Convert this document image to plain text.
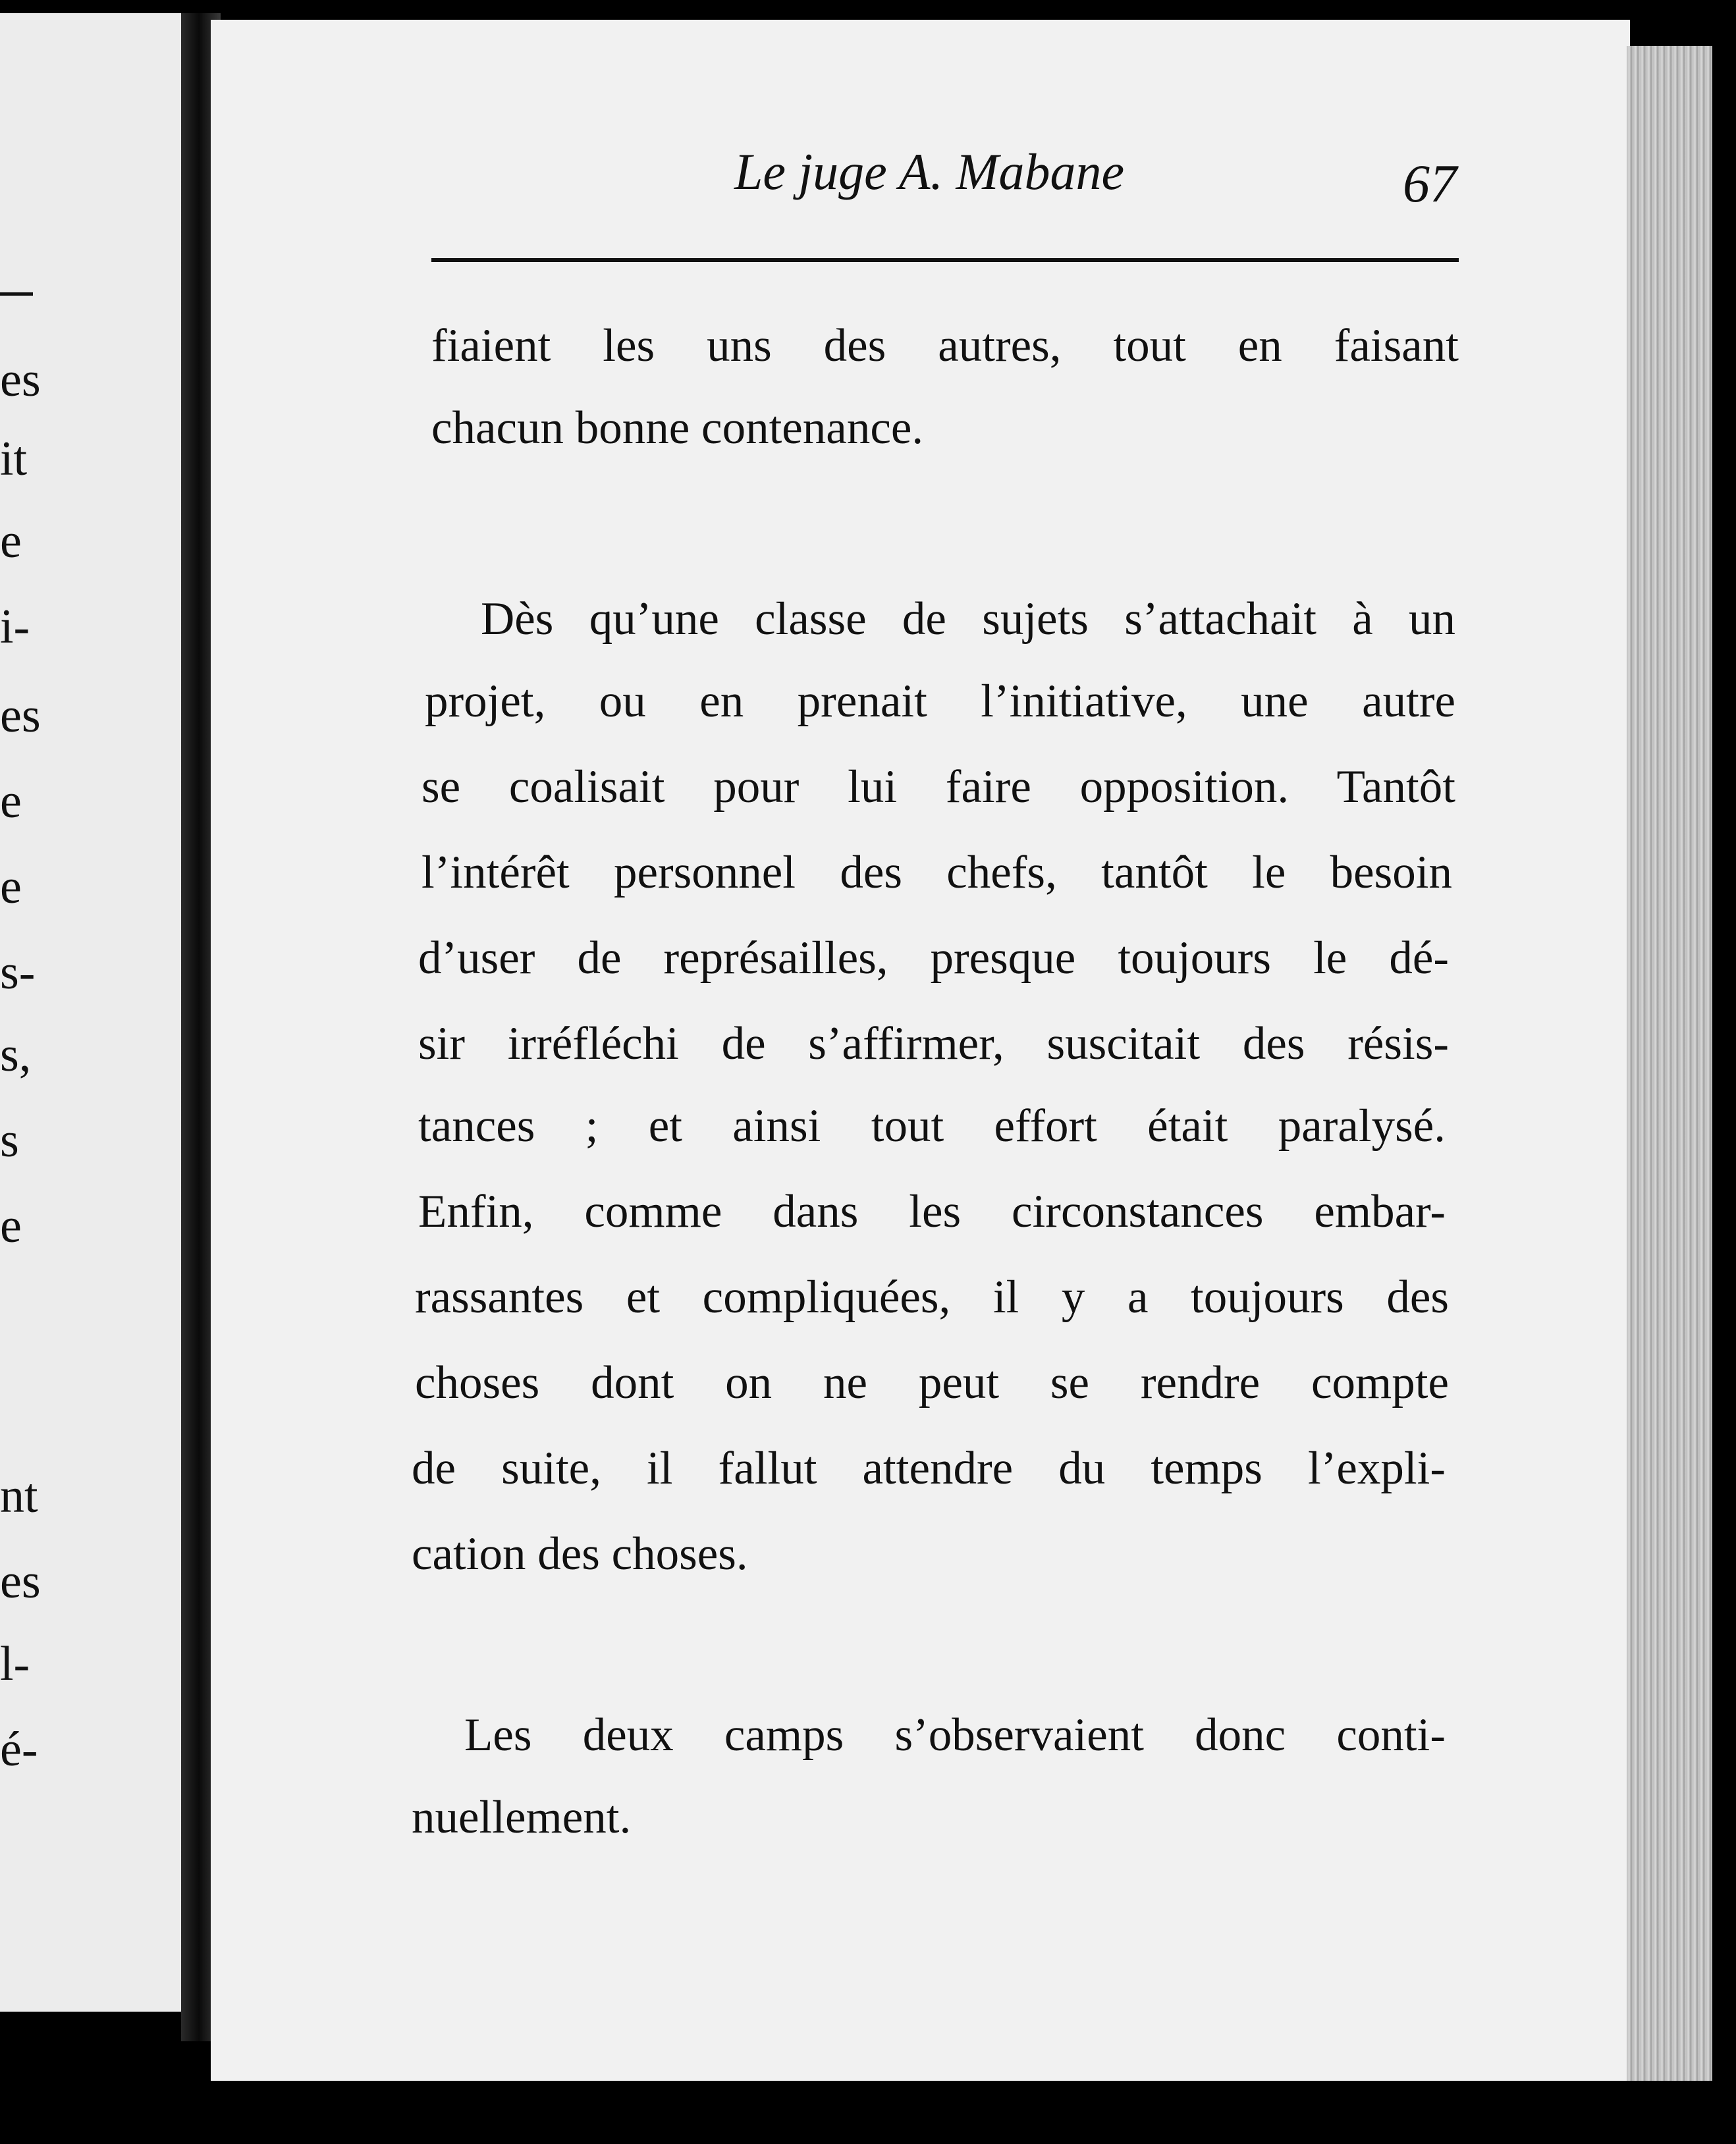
es

it

e

i-

es

e

e

s-

s,

s

e

nt

es

l-

é-

Le juge A. Mabane	67

fiaient les uns des autres, tout en faisant

chacun bonne contenance.

Dès qu’une classe de sujets s’attachait à un

projet, ou en prenait l’initiative, une autre

se coalisait pour lui faire opposition. Tantôt

l’intérêt personnel des chefs, tantôt le besoin

d’user de représailles, presque toujours le dé-

sir irréfléchi de s’affirmer, suscitait des résis-

tances ; et ainsi tout effort était paralysé.

Enfin, comme dans les circonstances embar-

rassantes et compliquées, il y a toujours des

choses dont on ne peut se rendre compte

de suite, il fallut attendre du temps l’expli-

cation des choses.

Les deux camps s’observaient donc conti-

nuellement.
